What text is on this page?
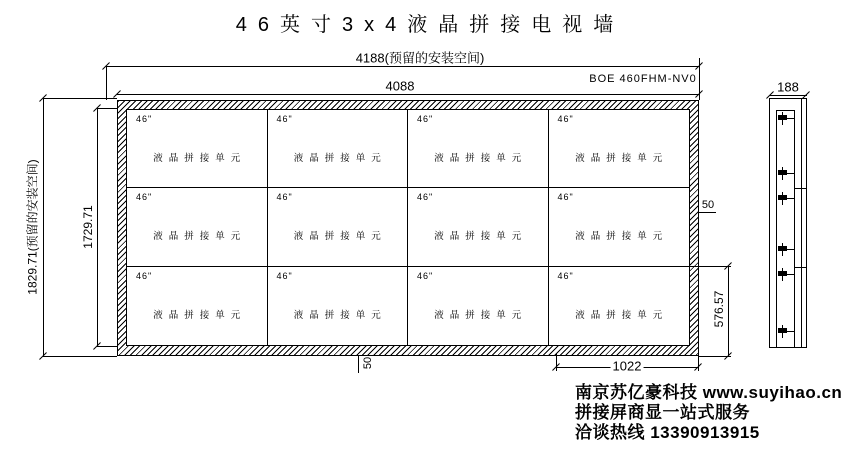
46英寸3x4液晶拼接电视墙
4188(预留的安装空间)
4088	BOE 460FHM-NV0
1829.71(预留的安装空间)	1729.71
46"
液晶拼接单元
46"
液晶拼接单元
46"
液晶拼接单元
46"
液晶拼接单元
46"
液晶拼接单元
46"
液晶拼接单元
46"
液晶拼接单元
46"
液晶拼接单元
46"
液晶拼接单元
46"
液晶拼接单元
46"
液晶拼接单元
46"
液晶拼接单元
50
576.57
1022
50
188
南京苏亿豪科技 www.suyihao.cn
拼接屏商显一站式服务
洽谈热线 13390913915
